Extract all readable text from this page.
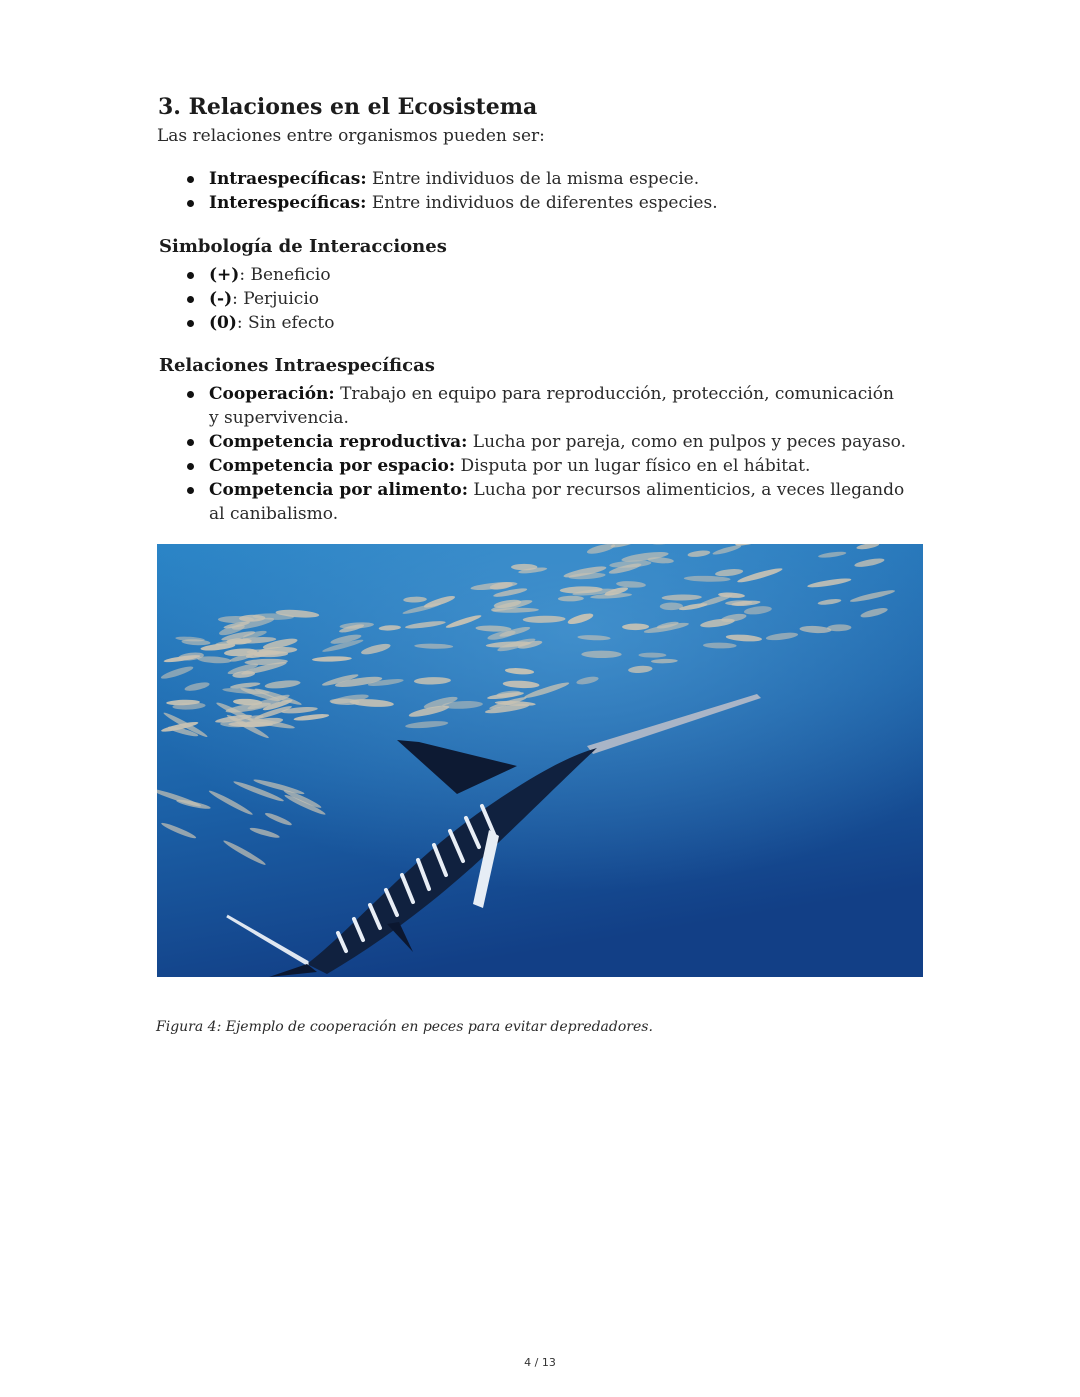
3. Relaciones en el Ecosistema

Las relaciones entre organismos pueden ser:

Intraespecíficas: Entre individuos de la misma especie.
Interespecíficas: Entre individuos de diferentes especies.
Simbología de Interacciones
(+): Beneficio
(-): Perjuicio
(0): Sin efecto
Relaciones Intraespecíficas
Cooperación: Trabajo en equipo para reproducción, protección, comunicación y supervivencia.
Competencia reproductiva: Lucha por pareja, como en pulpos y peces payaso.
Competencia por espacio: Disputa por un lugar físico en el hábitat.
Competencia por alimento: Lucha por recursos alimenticios, a veces llegando al canibalismo.

Figura 4: Ejemplo de cooperación en peces para evitar depredadores.

4 / 13
